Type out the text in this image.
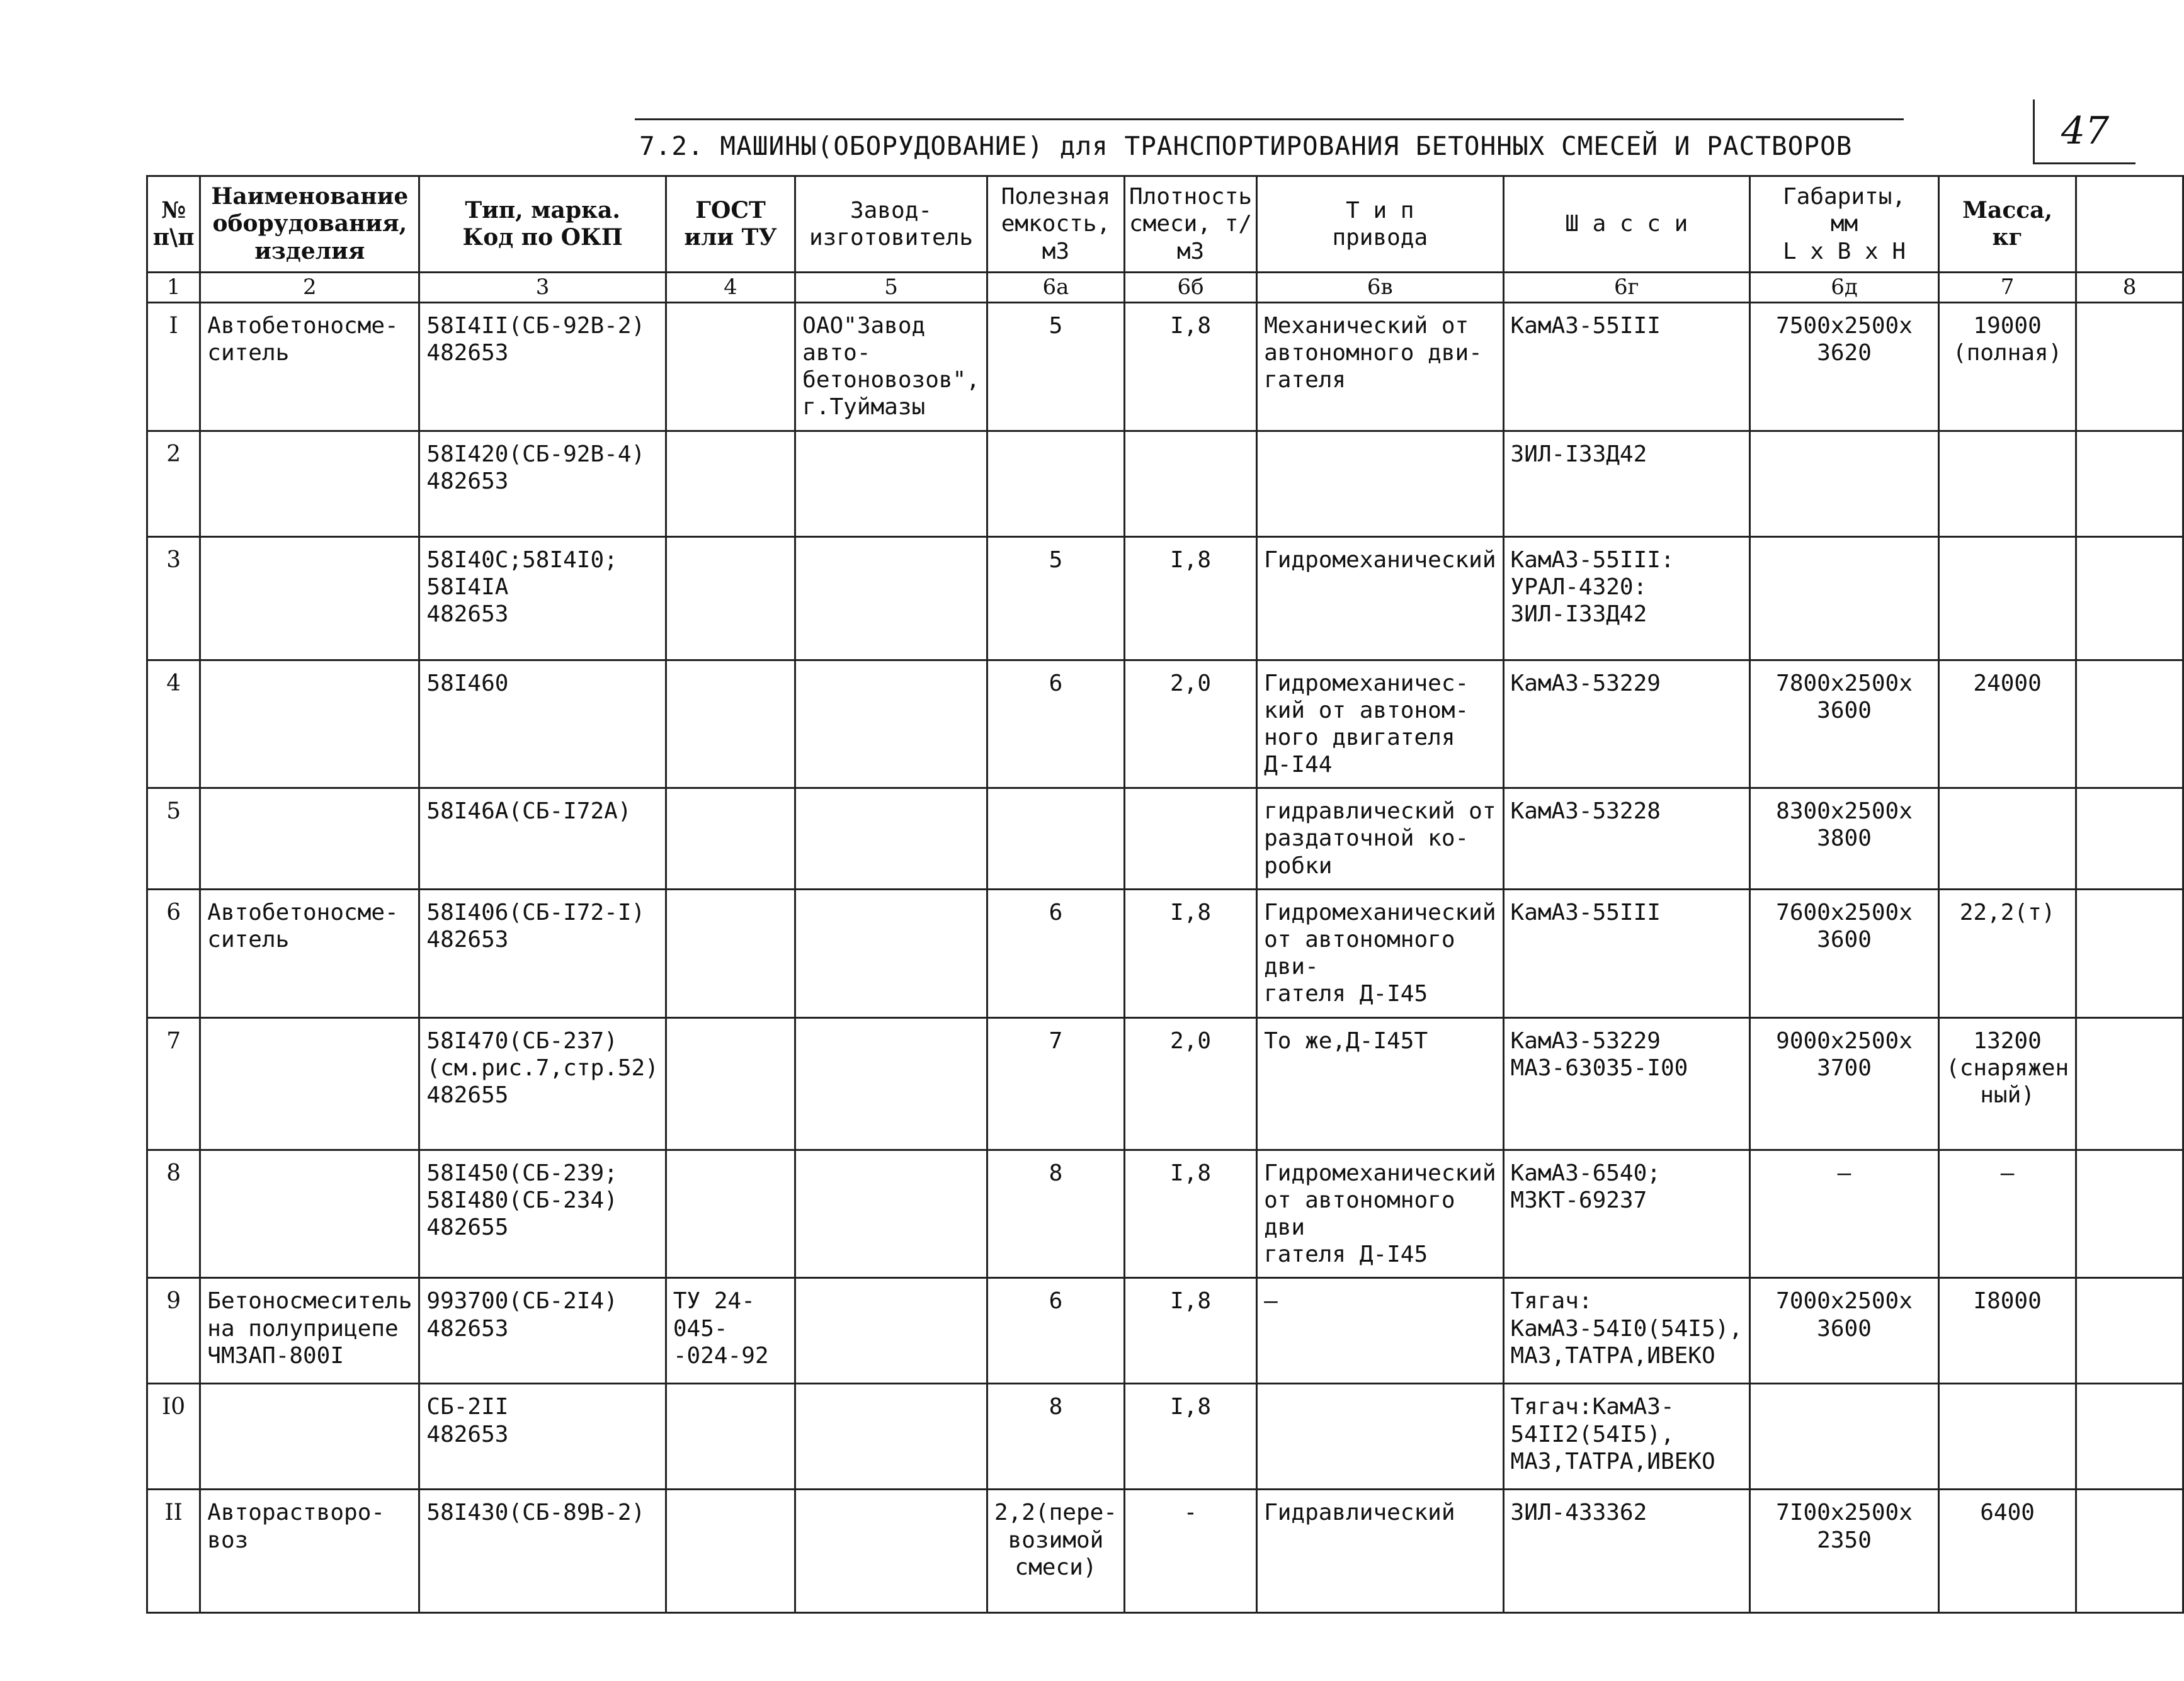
47
7.2. МАШИНЫ(ОБОРУДОВАНИЕ) для ТРАНСПОРТИРОВАНИЯ БЕТОННЫХ СМЕСЕЙ И РАСТВОРОВ
№
п\п	Наименование оборудования, изделия	Тип, марка.
Код по ОКП	ГОСТ
или ТУ	Завод-
изготовитель	Полезная емкость, м3	Плотность смеси, т/м3	Т и п
привода	Ш а с с и	Габариты,
мм
L x B x H	Масса,
кг	
1	2	3	4	5	6а	6б	6в	6г	6д	7	8
I	Автобетоносме-
ситель	58I4II(СБ-92В-2)
482653		ОАО"Завод авто-
бетоновозов",
г.Туймазы	5	I,8	Механический от
автономного дви-
гателя	КамАЗ-55III	7500x2500x
3620	19000
(полная)	
2		58I420(СБ-92В-4)
482653						ЗИЛ-I33Д42			
3		58I40С;58I4I0;
58I4IА
482653			5	I,8	Гидромеханический	КамАЗ-55III:
УРАЛ-4320:
ЗИЛ-I33Д42			
4		58I460			6	2,0	Гидромеханичес-
кий от автоном-
ного двигателя
Д-I44	КамАЗ-53229	7800x2500x
3600	24000	
5		58I46А(СБ-I72А)					гидравлический от
раздаточной ко-
робки	КамАЗ-53228	8300x2500x
3800		
6	Автобетоносме-
ситель	58I406(СБ-I72-I)
482653			6	I,8	Гидромеханический
от автономного дви-
гателя Д-I45	КамАЗ-55III	7600x2500x
3600	22,2(т)	
7		58I470(СБ-237)
(см.рис.7,стр.52)
482655			7	2,0	То же,Д-I45Т	КамАЗ-53229
МАЗ-63035-I00	9000x2500x
3700	13200
(снаряжен
ный)	
8		58I450(СБ-239;
58I480(СБ-234)
482655			8	I,8	Гидромеханический
от автономного дви
гателя Д-I45	КамАЗ-6540;
МЗКТ-69237	—	—	
9	Бетоносмеситель
на полуприцепе
ЧМЗАП-800I	993700(СБ-2I4)
482653	ТУ 24-045-
-024-92		6	I,8	—	Тягач:
КамАЗ-54I0(54I5),
МАЗ,ТАТРА,ИВЕКО	7000x2500x
3600	I8000	
I0		СБ-2II
482653			8	I,8		Тягач:КамАЗ-
54II2(54I5),
МАЗ,ТАТРА,ИВЕКО			
II	Авторастворо-
воз	58I430(СБ-89В-2)			2,2(пере-
возимой
смеси)	-	Гидравлический	ЗИЛ-433362	7I00x2500x
2350	6400	
